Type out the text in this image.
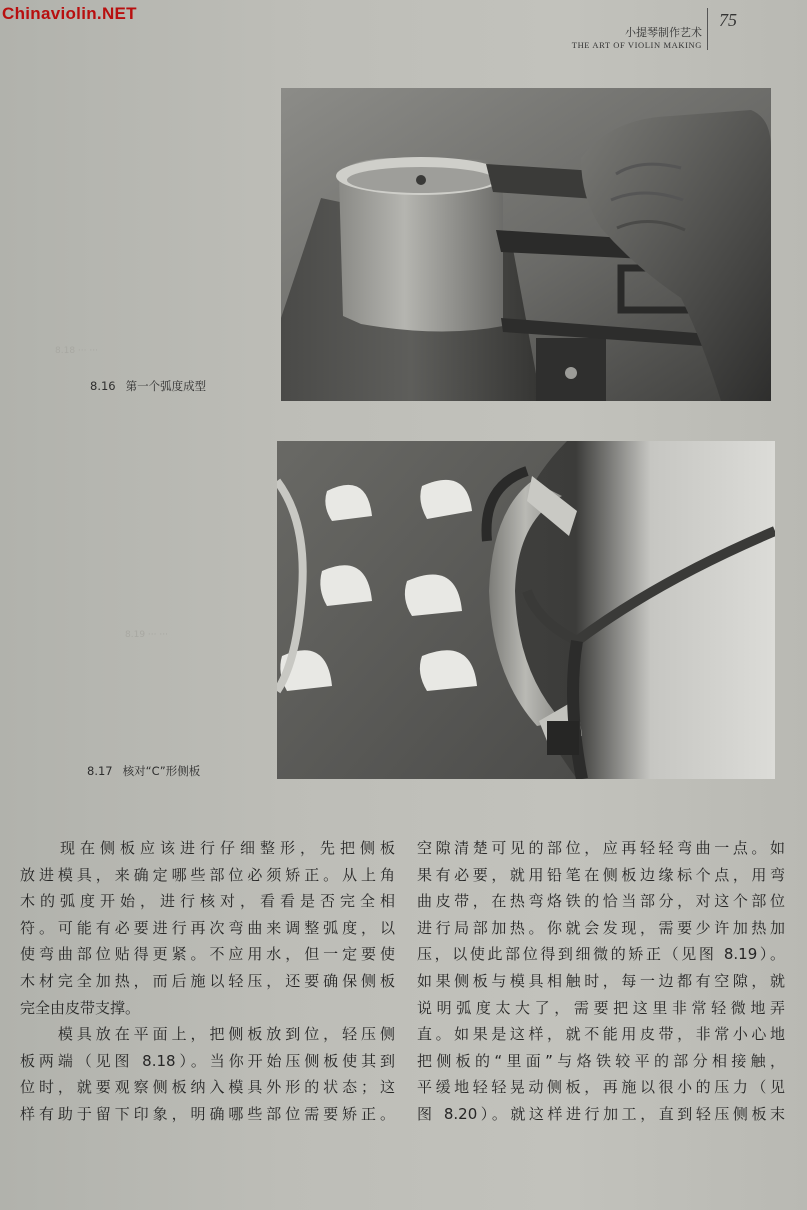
Chinaviolin.NET
小提琴制作艺术
THE ART OF VIOLIN MAKING
75
8.18 ··· ···
8.19 ··· ···
8.16 第一个弧度成型
8.17 核对“C”形侧板
　　现在侧板应该进行仔细整形，先把侧板
放进模具，来确定哪些部位必须矫正。从上角
木的弧度开始，进行核对，看看是否完全相
符。可能有必要进行再次弯曲来调整弧度，以
使弯曲部位贴得更紧。不应用水，但一定要使
木材完全加热，而后施以轻压，还要确保侧板
完全由皮带支撑。
　　模具放在平面上，把侧板放到位，轻压侧
板两端（见图 8.18）。当你开始压侧板使其到
位时，就要观察侧板纳入模具外形的状态；这
样有助于留下印象，明确哪些部位需要矫正。
空隙清楚可见的部位，应再轻轻弯曲一点。如
果有必要，就用铅笔在侧板边缘标个点，用弯
曲皮带，在热弯烙铁的恰当部分，对这个部位
进行局部加热。你就会发现，需要少许加热加
压，以使此部位得到细微的矫正（见图 8.19）。
如果侧板与模具相触时，每一边都有空隙，就
说明弧度太大了，需要把这里非常轻微地弄
直。如果是这样，就不能用皮带，非常小心地
把侧板的“里面”与烙铁较平的部分相接触，
平缓地轻轻晃动侧板，再施以很小的压力（见
图 8.20）。就这样进行加工，直到轻压侧板末
